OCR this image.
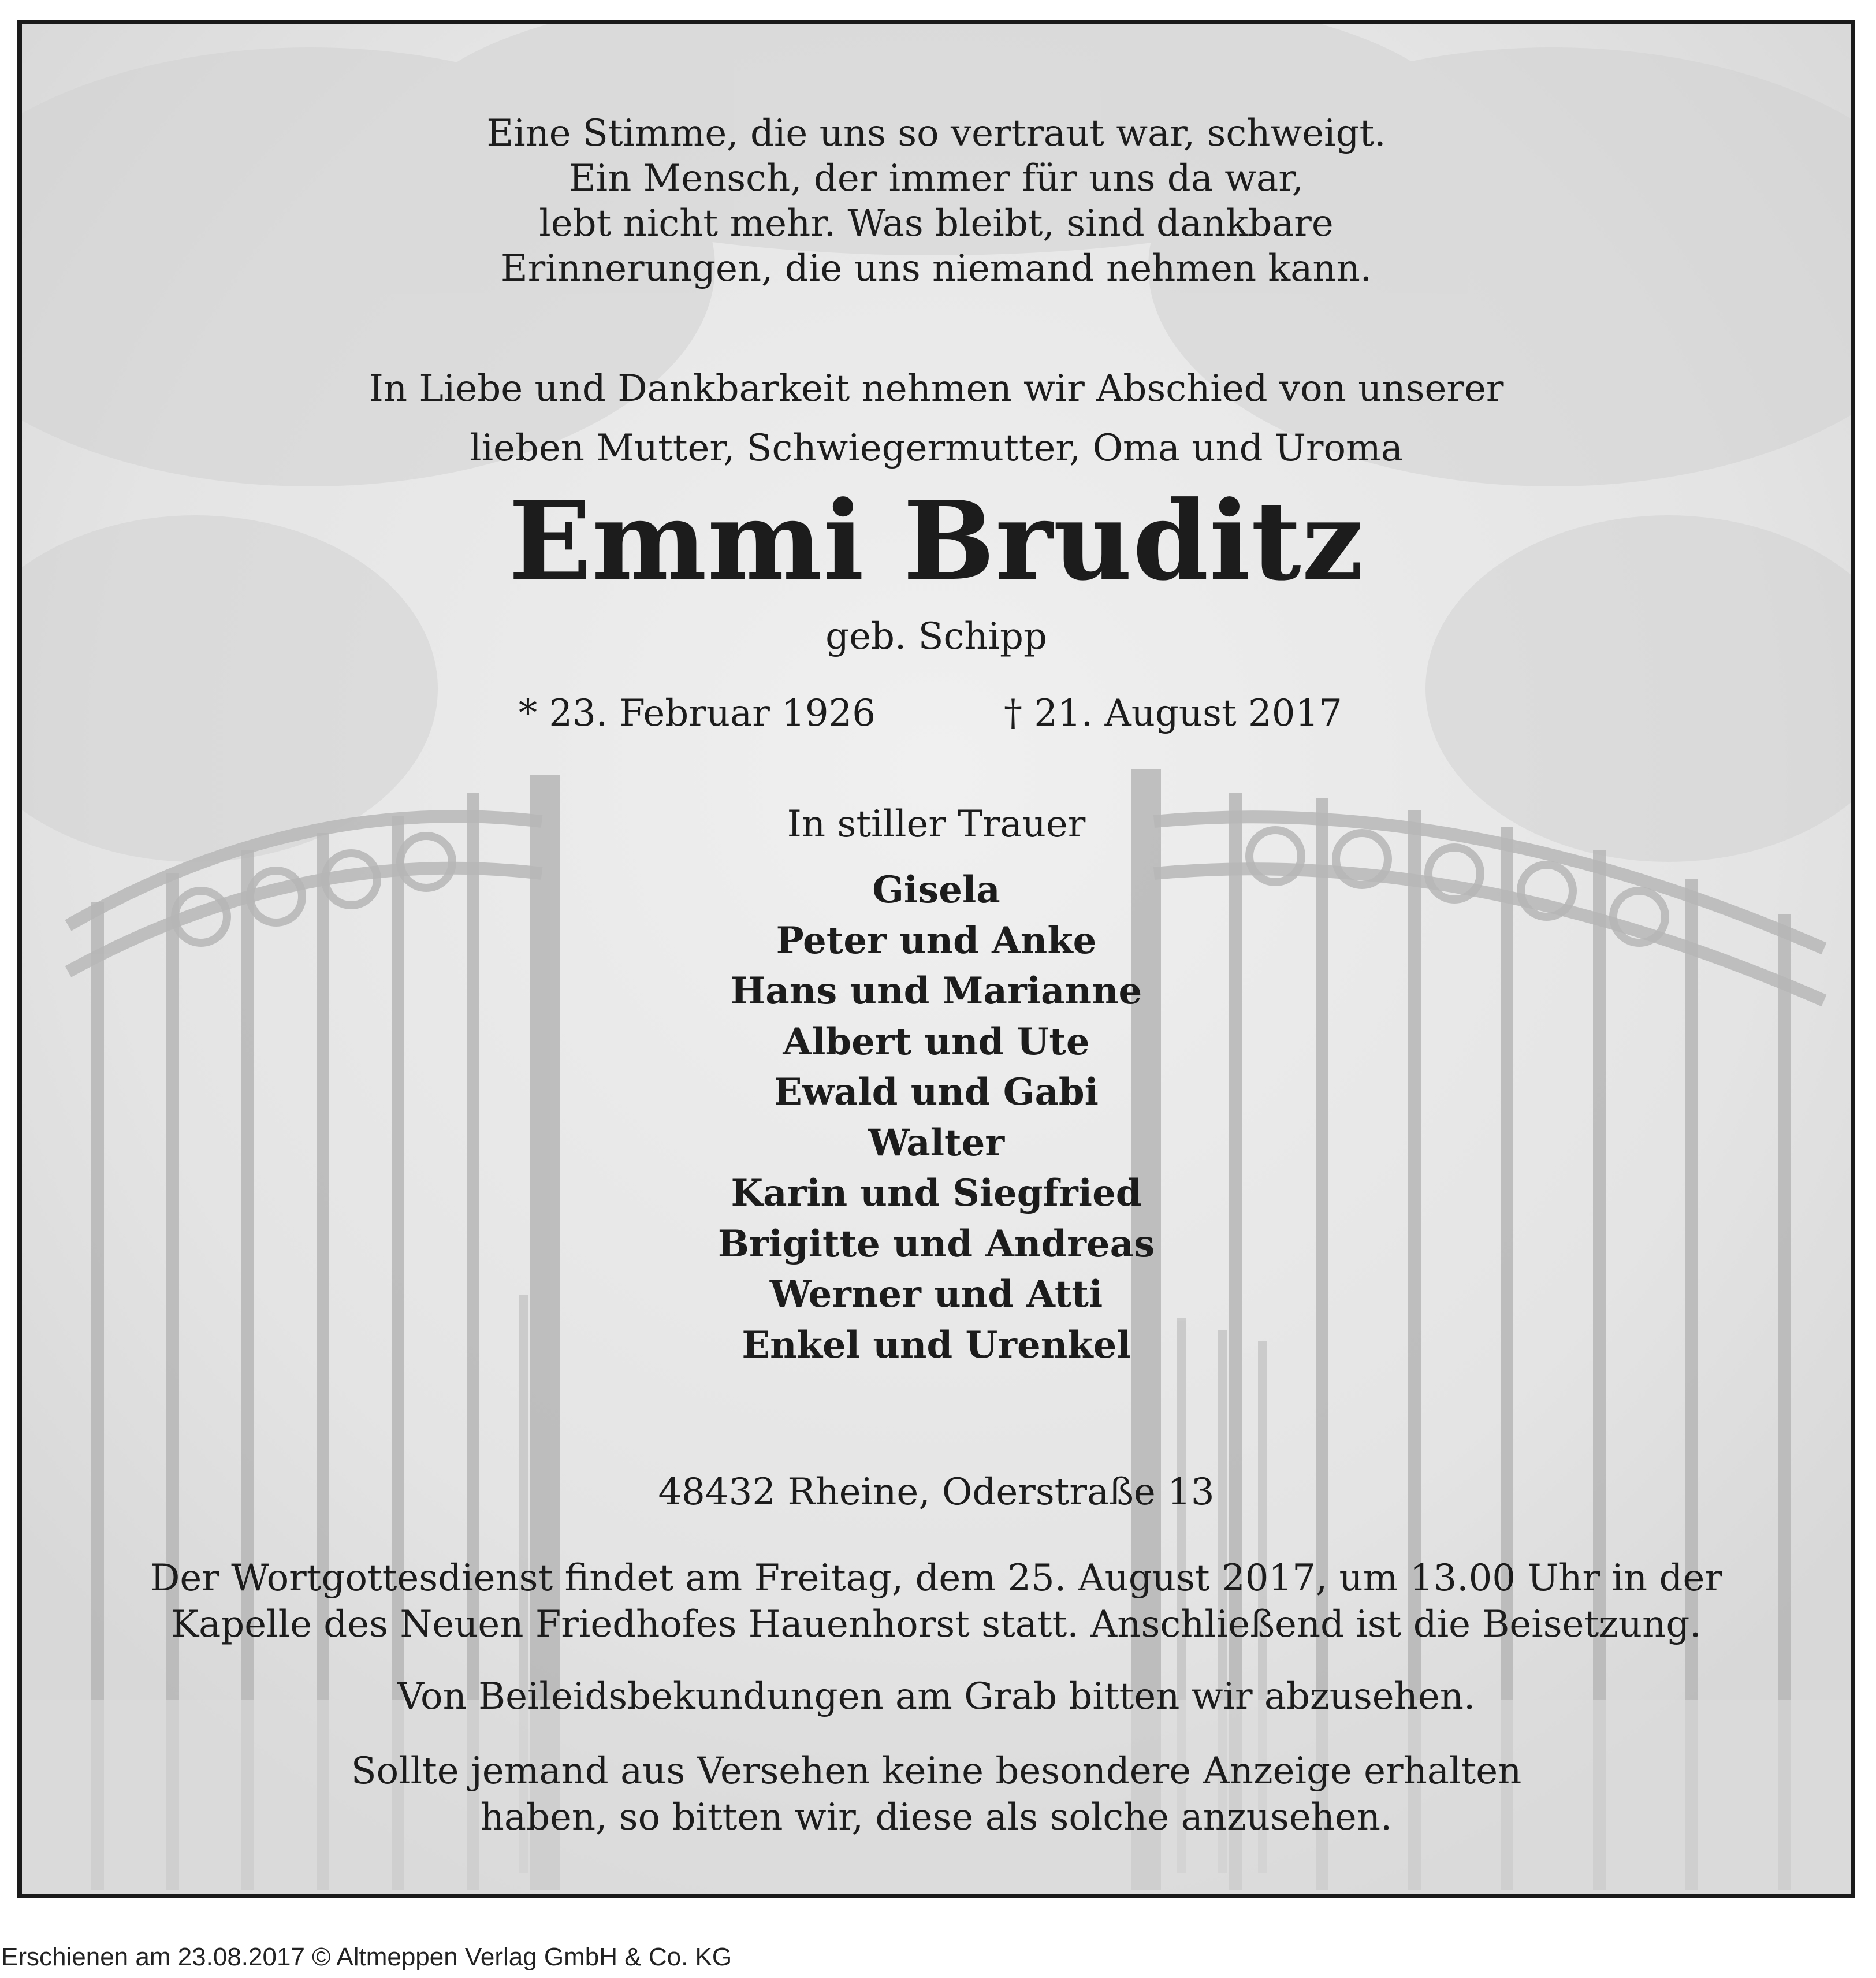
Eine Stimme, die uns so vertraut war, schweigt.
Ein Mensch, der immer für uns da war,
lebt nicht mehr. Was bleibt, sind dankbare
Erinnerungen, die uns niemand nehmen kann.
In Liebe und Dankbarkeit nehmen wir Abschied von unserer
lieben Mutter, Schwiegermutter, Oma und Uroma
Emmi Bruditz
geb. Schipp
* 23. Februar 1926	† 21. August 2017
In stiller Trauer
Gisela
Peter und Anke
Hans und Marianne
Albert und Ute
Ewald und Gabi
Walter
Karin und Siegfried
Brigitte und Andreas
Werner und Atti
Enkel und Urenkel
48432 Rheine, Oderstraße 13
Der Wortgottesdienst findet am Freitag, dem 25. August 2017, um 13.00 Uhr in der
Kapelle des Neuen Friedhofes Hauenhorst statt. Anschließend ist die Beisetzung.
Von Beileidsbekundungen am Grab bitten wir abzusehen.
Sollte jemand aus Versehen keine besondere Anzeige erhalten
haben, so bitten wir, diese als solche anzusehen.
Erschienen am 23.08.2017 © Altmeppen Verlag GmbH & Co. KG
